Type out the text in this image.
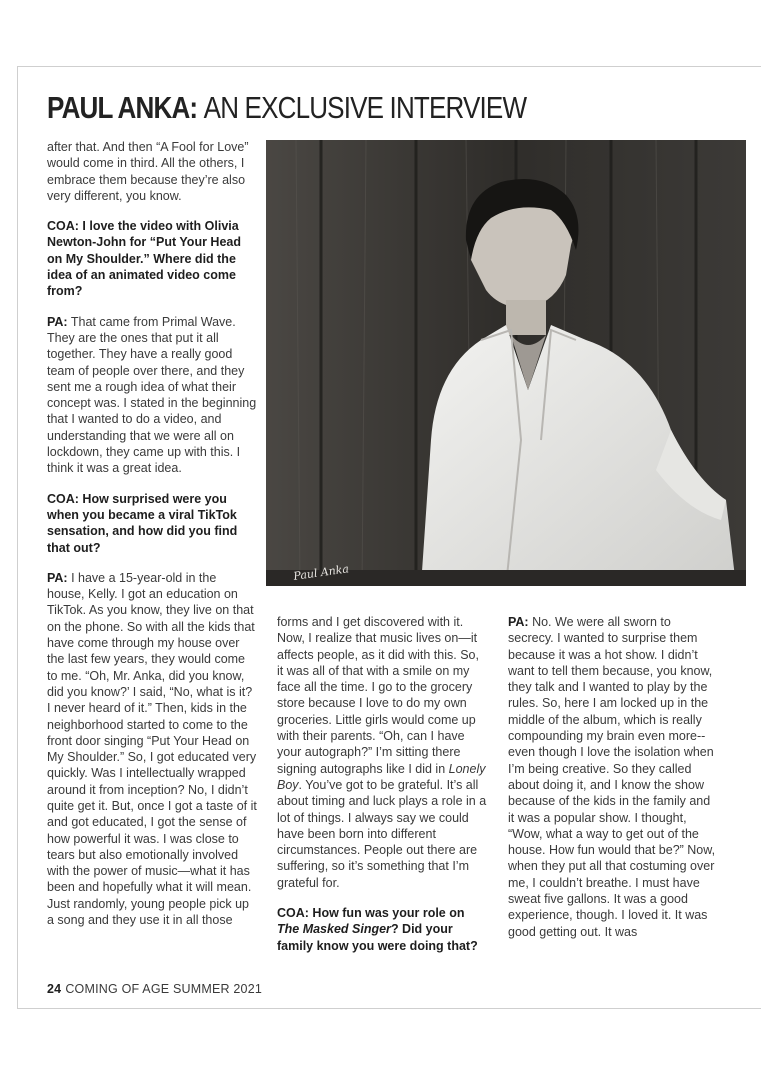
PAUL ANKA: AN EXCLUSIVE INTERVIEW

after that. And then “A Fool for Love” would come in third. All the others, I embrace them because they’re also very different, you know.

COA: I love the video with Olivia Newton-John for “Put Your Head on My Shoulder.” Where did the idea of an animated video come from?

PA: That came from Primal Wave. They are the ones that put it all together. They have a really good team of people over there, and they sent me a rough idea of what their concept was. I stated in the beginning that I wanted to do a video, and understanding that we were all on lockdown, they came up with this. I think it was a great idea.

COA: How surprised were you when you became a viral TikTok sensation, and how did you find that out?

PA: I have a 15-year-old in the house, Kelly. I got an education on TikTok. As you know, they live on that on the phone. So with all the kids that have come through my house over the last few years, they would come to me. “Oh, Mr. Anka, did you know, did you know?’ I said, “No, what is it? I never heard of it.” Then, kids in the neighborhood started to come to the front door singing “Put Your Head on My Shoulder.” So, I got educated very quickly. Was I intellectually wrapped around it from inception? No, I didn’t quite get it. But, once I got a taste of it and got educated, I got the sense of how powerful it was. I was close to tears but also emotionally involved with the power of music—what it has been and hopefully what it will mean. Just randomly, young people pick up a song and they use it in all those

Paul Anka

forms and I get discovered with it. Now, I realize that music lives on—it affects people, as it did with this. So, it was all of that with a smile on my face all the time. I go to the grocery store because I love to do my own groceries. Little girls would come up with their parents. “Oh, can I have your autograph?” I’m sitting there signing autographs like I did in Lonely Boy. You’ve got to be grateful. It’s all about timing and luck plays a role in a lot of things. I always say we could have been born into different circumstances. People out there are suffering, so it’s something that I’m grateful for.

COA: How fun was your role on The Masked Singer? Did your family know you were doing that?

PA: No. We were all sworn to secrecy. I wanted to surprise them because it was a hot show. I didn’t want to tell them because, you know, they talk and I wanted to play by the rules. So, here I am locked up in the middle of the album, which is really compounding my brain even more--even though I love the isolation when I’m being creative. So they called about doing it, and I know the show because of the kids in the family and it was a popular show. I thought, “Wow, what a way to get out of the house. How fun would that be?” Now, when they put all that costuming over me, I couldn’t breathe. I must have sweat five gallons. It was a good experience, though. I loved it. It was good getting out. It was

24 COMING OF AGE SUMMER 2021
